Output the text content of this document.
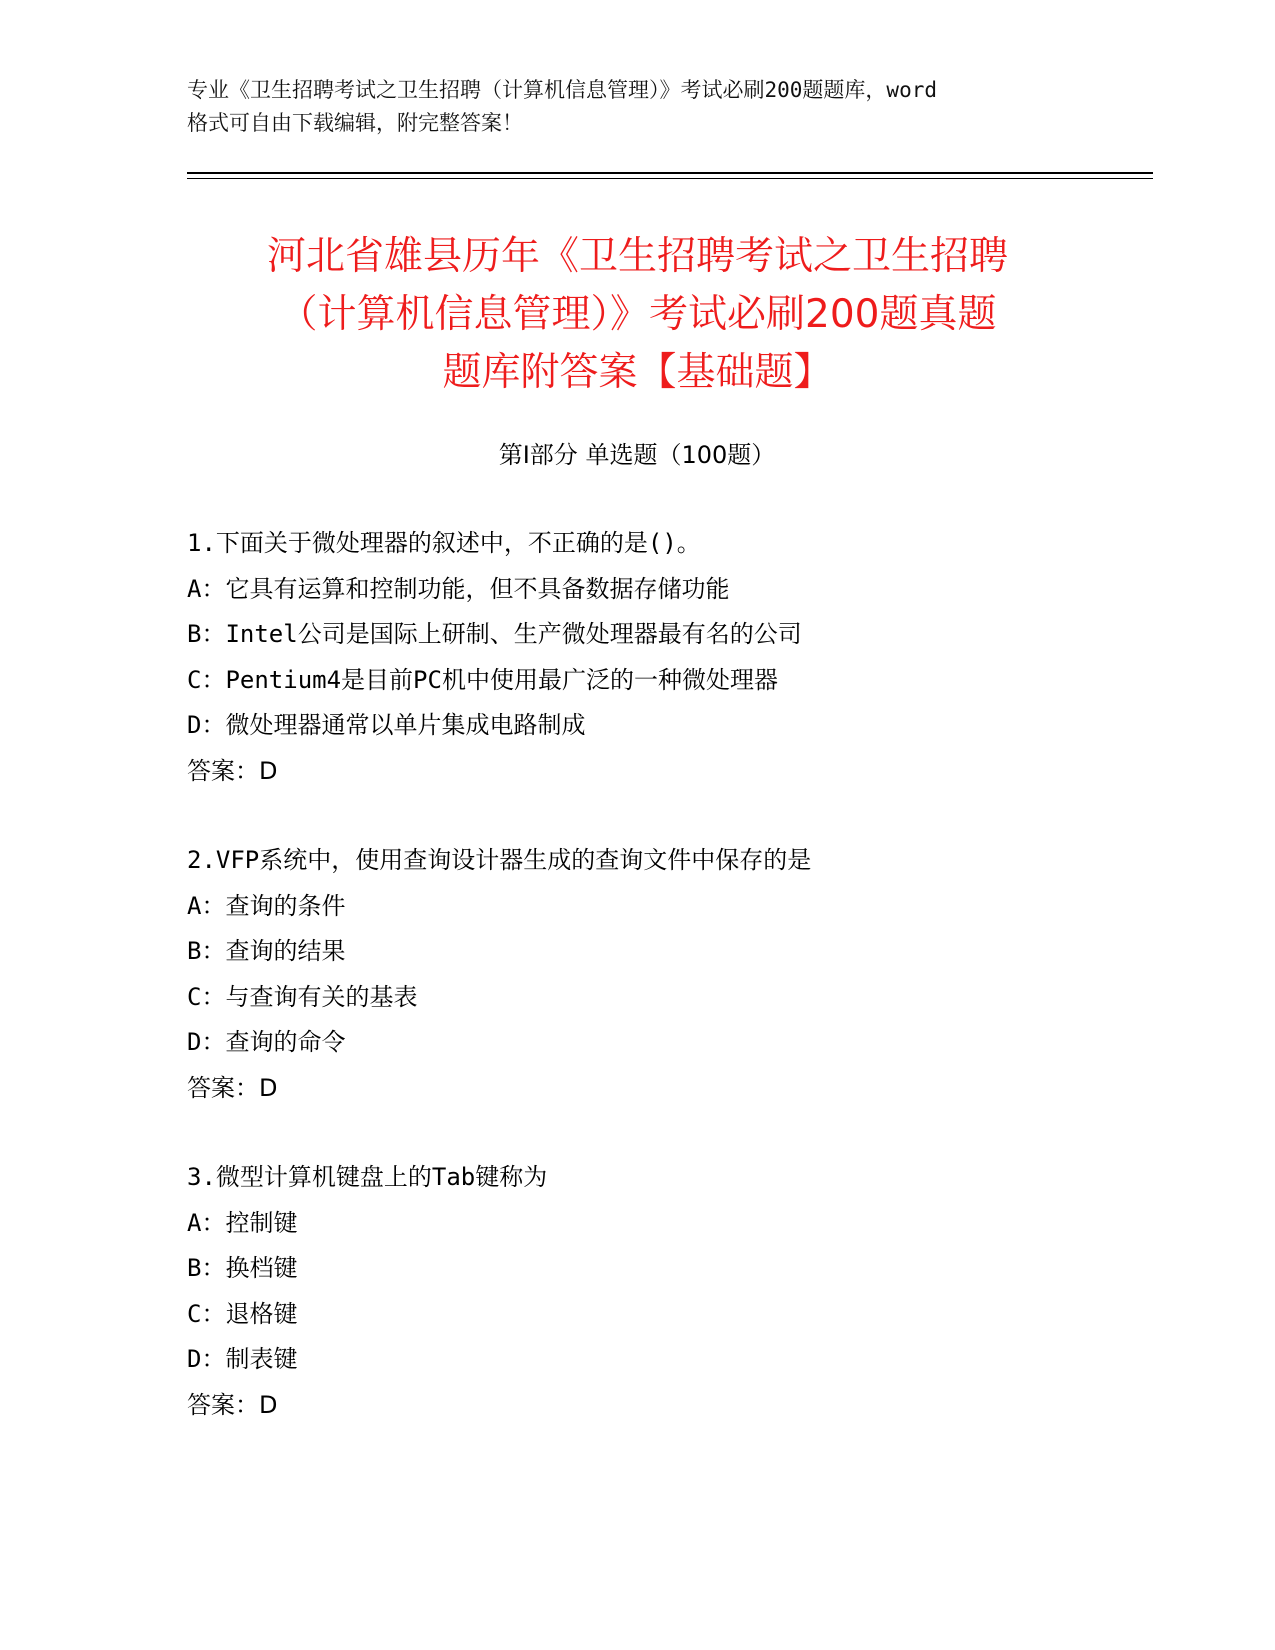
专业《卫生招聘考试之卫生招聘（计算机信息管理）》考试必刷200题题库，word
格式可自由下载编辑，附完整答案！
河北省雄县历年《卫生招聘考试之卫生招聘
（计算机信息管理）》考试必刷200题真题
题库附答案【基础题】
第Ⅰ部分 单选题（100题）
1.下面关于微处理器的叙述中，不正确的是()。
A：它具有运算和控制功能，但不具备数据存储功能
B：Intel公司是国际上研制、生产微处理器最有名的公司
C：Pentium4是目前PC机中使用最广泛的一种微处理器
D：微处理器通常以单片集成电路制成
答案：D
2.VFP系统中，使用查询设计器生成的查询文件中保存的是
A：查询的条件
B：查询的结果
C：与查询有关的基表
D：查询的命令
答案：D
3.微型计算机键盘上的Tab键称为
A：控制键
B：换档键
C：退格键
D：制表键
答案：D
